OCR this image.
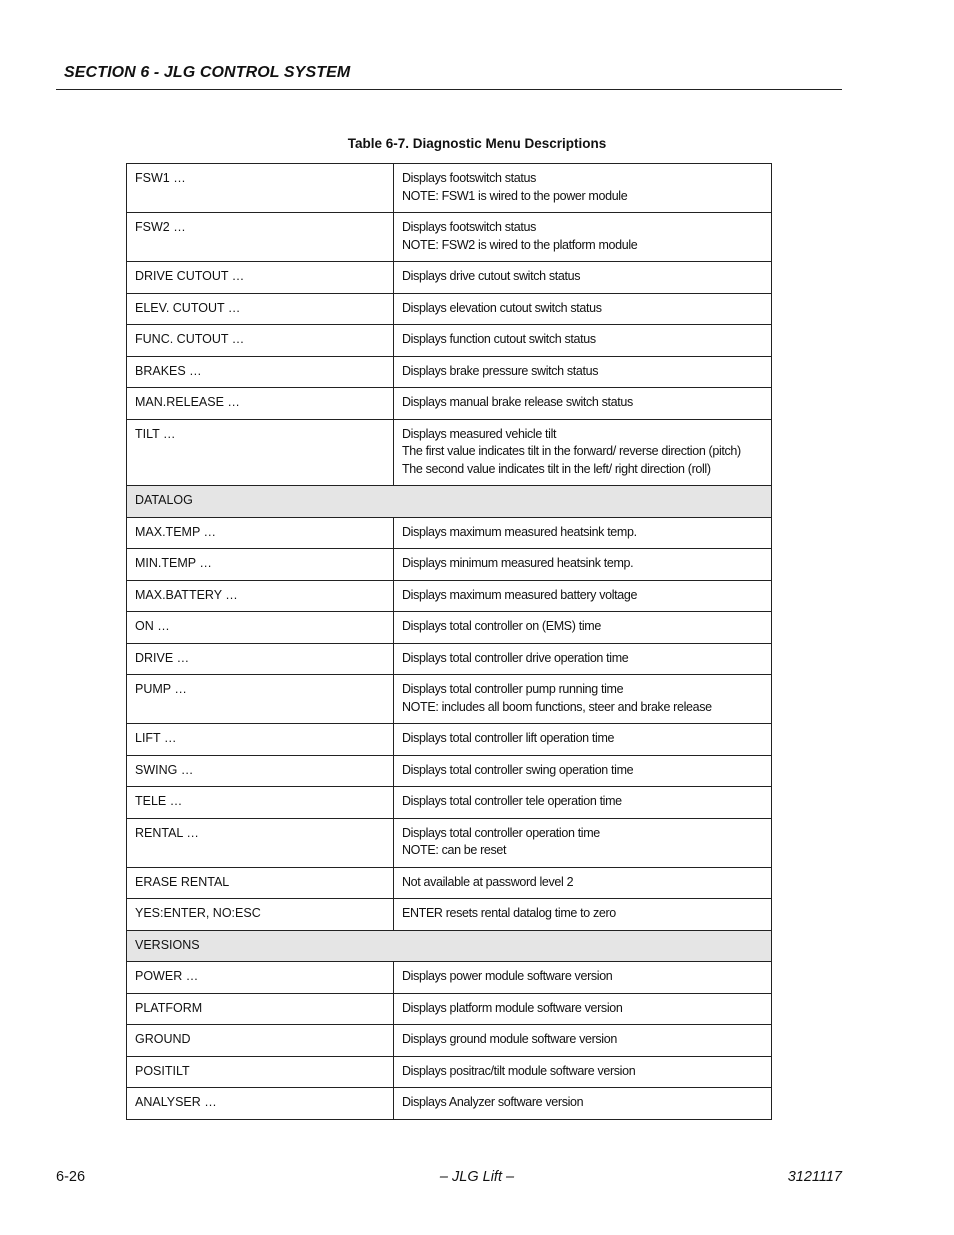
SECTION 6 - JLG CONTROL SYSTEM
Table 6-7. Diagnostic Menu Descriptions
FSW1 …	Displays footswitch status
NOTE: FSW1 is wired to the power module

FSW2 …	Displays footswitch status
NOTE: FSW2 is wired to the platform module

DRIVE CUTOUT …	Displays drive cutout switch status

ELEV. CUTOUT …	Displays elevation cutout switch status

FUNC. CUTOUT …	Displays function cutout switch status

BRAKES …	Displays brake pressure switch status

MAN.RELEASE …	Displays manual brake release switch status

TILT …	Displays measured vehicle tilt
The first value indicates tilt in the forward/ reverse direction (pitch)
The second value indicates tilt in the left/ right direction (roll)

DATALOG	
MAX.TEMP …	Displays maximum measured heatsink temp.

MIN.TEMP …	Displays minimum measured heatsink temp.

MAX.BATTERY …	Displays maximum measured battery voltage

ON …	Displays total controller on (EMS) time

DRIVE …	Displays total controller drive operation time

PUMP …	Displays total controller pump running time
NOTE: includes all boom functions, steer and brake release

LIFT …	Displays total controller lift operation time

SWING …	Displays total controller swing operation time

TELE …	Displays total controller tele operation time

RENTAL …	Displays total controller operation time
NOTE: can be reset

ERASE RENTAL	Not available at password level 2

YES:ENTER, NO:ESC	ENTER resets rental datalog time to zero

VERSIONS	
POWER …	Displays power module software version

PLATFORM	Displays platform module software version

GROUND	Displays ground module software version

POSITILT	Displays positrac/tilt module software version

ANALYSER …	Displays Analyzer software version
6-26	– JLG Lift –	3121117
